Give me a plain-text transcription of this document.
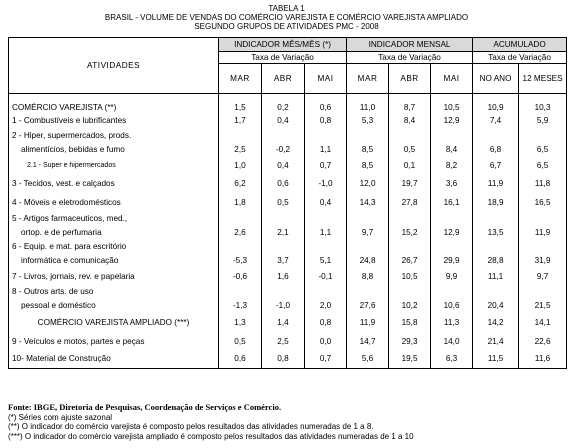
TABELA 1
BRASIL - VOLUME DE VENDAS DO COMÉRCIO VAREJISTA E COMÉRCIO VAREJISTA AMPLIADO
SEGUNDO GRUPOS DE ATIVIDADES PMC - 2008
ATIVIDADES	INDICADOR MÊS/MÊS (*)			INDICADOR MENSAL			ACUMULADO	
	Taxa de Variação			Taxa de Variação			Taxa de Variação	
	MAR	ABR	MAI	MAR	ABR	MAI	NO ANO	12 MESES
COMÉRCIO VAREJISTA (**)	1,5	0,2	0,6	11,0	8,7	10,5	10,9	10,3
1 - Combustíveis e lubrificantes	1,7	0,4	0,8	5,3	8,4	12,9	7,4	5,9
2 - Hiper, supermercados, prods.								
alimentícios, bebidas e fumo	2,5	-0,2	1,1	8,5	0,5	8,4	6,8	6,5
2.1 - Super e hipermercados	1,0	0,4	0,7	8,5	0,1	8,2	6,7	6,5
3 - Tecidos, vest. e calçados	6,2	0,6	-1,0	12,0	19,7	3,6	11,9	11,8
4 - Móveis e eletrodomésticos	1,8	0,5	0,4	14,3	27,8	16,1	18,9	16,5
5 - Artigos farmaceuticos, med.,								
ortop. e de perfumaria	2,6	2,1	1,1	9,7	15,2	12,9	13,5	11,9
6 - Equip. e mat. para escritório								
informática e comunicação	-5,3	3,7	5,1	24,8	26,7	29,9	28,8	31,9
7 - Livros, jornais, rev. e papelaria	-0,6	1,6	-0,1	8,8	10,5	9,9	11,1	9,7
8 - Outros arts. de uso								
pessoal e doméstico	-1,3	-1,0	2,0	27,6	10,2	10,6	20,4	21,5
COMÉRCIO VAREJISTA AMPLIADO (***)	1,3	1,4	0,8	11,9	15,8	11,3	14,2	14,1
9 - Veículos e motos, partes e peças	0,5	2,5	0,0	14,7	29,3	14,0	21,4	22,6
10- Material de Construção	0,6	0,8	0,7	5,6	19,5	6,3	11,5	11,6
Fonte: IBGE, Diretoria de Pesquisas, Coordenação de Serviços e Comércio.
(*) Séries com ajuste sazonal
(**) O indicador do comércio varejista é composto pelos resultados das atividades numeradas de 1 a 8.
(***) O indicador do comércio varejista ampliado é composto pelos resultados das atividades numeradas de 1 a 10
